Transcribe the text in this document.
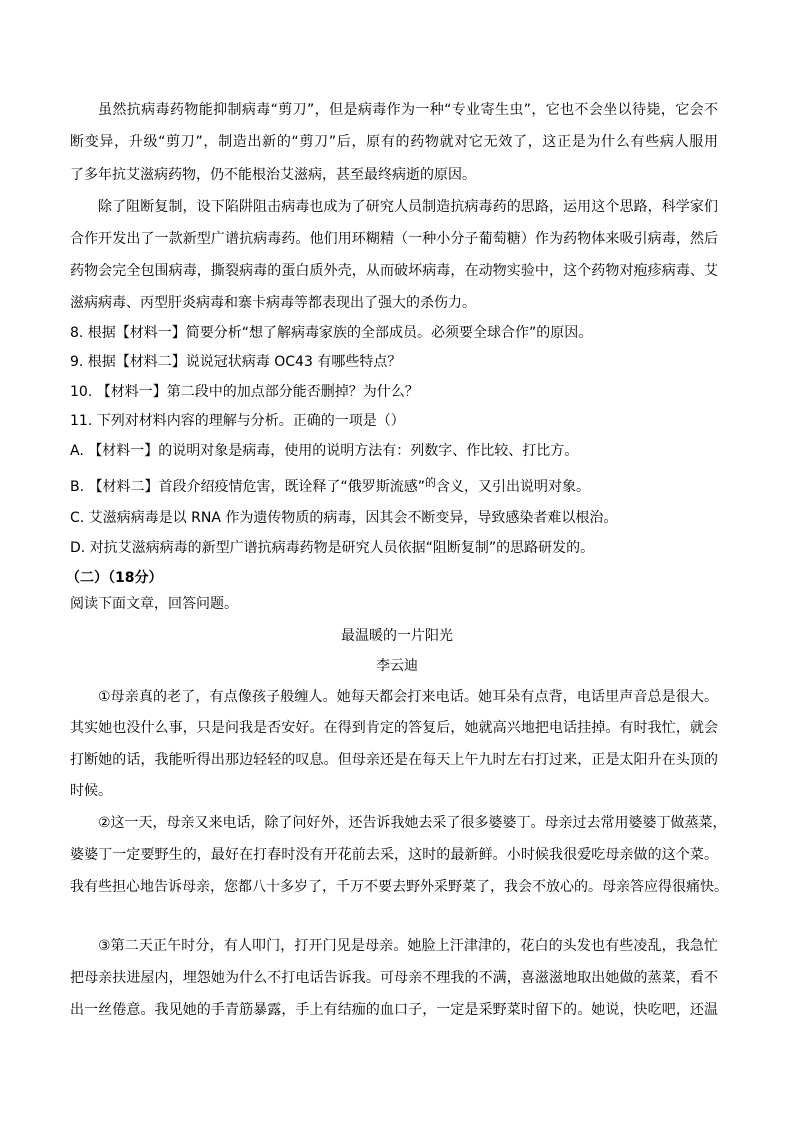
虽然抗病毒药物能抑制病毒“剪刀”，但是病毒作为一种“专业寄生虫”，它也不会坐以待毙，它会不
断变异，升级“剪刀”，制造出新的“剪刀”后，原有的药物就对它无效了，这正是为什么有些病人服用
了多年抗艾滋病药物，仍不能根治艾滋病，甚至最终病逝的原因。
除了阻断复制，设下陷阱阻击病毒也成为了研究人员制造抗病毒药的思路，运用这个思路，科学家们
合作开发出了一款新型广谱抗病毒药。他们用环糊精（一种小分子葡萄糖）作为药物体来吸引病毒，然后
药物会完全包围病毒，撕裂病毒的蛋白质外壳，从而破坏病毒，在动物实验中，这个药物对疱疹病毒、艾
滋病病毒、丙型肝炎病毒和寨卡病毒等都表现出了强大的杀伤力。
8. 根据【材料一】简要分析“想了解病毒家族的全部成员。必须要全球合作”的原因。
9. 根据【材料二】说说冠状病毒 OC43 有哪些特点？
10. 【材料一】第二段中的加点部分能否删掉？为什么？
11. 下列对材料内容的理解与分析。正确的一项是（）
A. 【材料一】的说明对象是病毒，使用的说明方法有：列数字、作比较、打比方。
B. 【材料二】首段介绍疫情危害，既诠释了“俄罗斯流感”$^的$含义，又引出说明对象。
C. 艾滋病病毒是以 RNA 作为遗传物质的病毒，因其会不断变异，导致感染者难以根治。
D. 对抗艾滋病病毒的新型广谱抗病毒药物是研究人员依据“阻断复制”的思路研发的。
（二）（18分）
阅读下面文章，回答问题。
最温暖的一片阳光
李云迪
①母亲真的老了，有点像孩子般缠人。她每天都会打来电话。她耳朵有点背，电话里声音总是很大。
其实她也没什么事，只是问我是否安好。在得到肯定的答复后，她就高兴地把电话挂掉。有时我忙，就会
打断她的话，我能听得出那边轻轻的叹息。但母亲还是在每天上午九时左右打过来，正是太阳升在头顶的
时候。
②这一天，母亲又来电话，除了问好外，还告诉我她去采了很多婆婆丁。母亲过去常用婆婆丁做蒸菜，
婆婆丁一定要野生的，最好在打春时没有开花前去采，这时的最新鲜。小时候我很爱吃母亲做的这个菜。
我有些担心地告诉母亲，您都八十多岁了，千万不要去野外采野菜了，我会不放心的。母亲答应得很痛快。
③第二天正午时分，有人叩门，打开门见是母亲。她脸上汗津津的，花白的头发也有些凌乱，我急忙
把母亲扶进屋内，埋怨她为什么不打电话告诉我。可母亲不理我的不满，喜滋滋地取出她做的蒸菜，看不
出一丝倦意。我见她的手青筋暴露，手上有结痂的血口子，一定是采野菜时留下的。她说，快吃吧，还温
